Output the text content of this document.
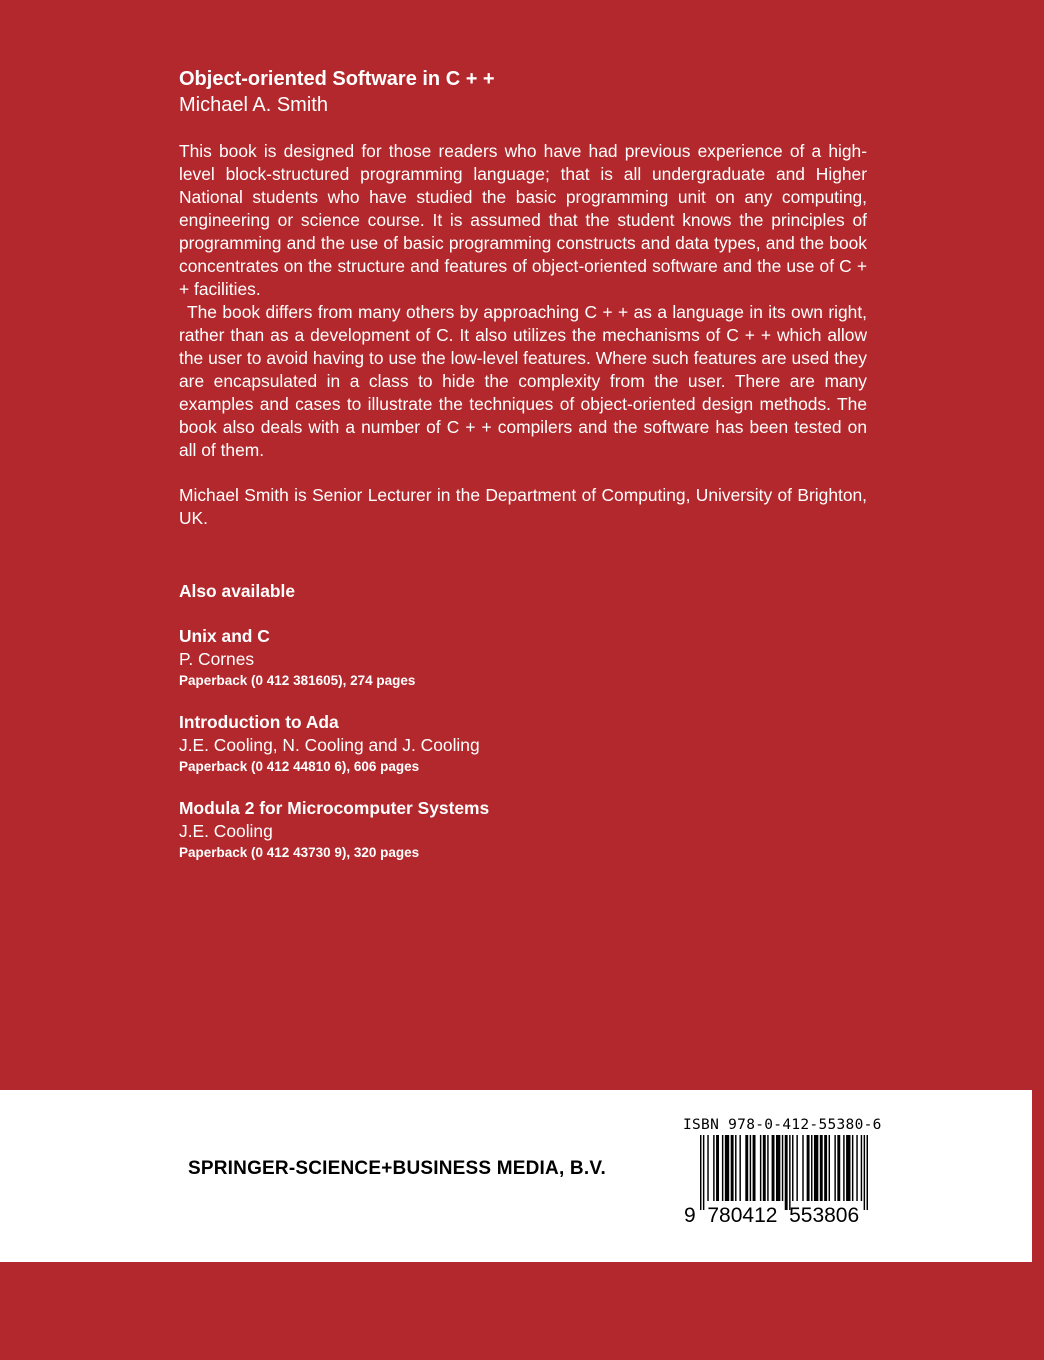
Object-oriented Software in C + +
Michael A. Smith

This book is designed for those readers who have had previous experience of a high-level block-structured programming language; that is all undergraduate and Higher National students who have studied the basic programming unit on any computing, engineering or science course. It is assumed that the student knows the principles of programming and the use of basic programming constructs and data types, and the book concentrates on the structure and features of object-oriented software and the use of C + + facilities.

The book differs from many others by approaching C + + as a language in its own right, rather than as a development of C. It also utilizes the mechanisms of C + + which allow the user to avoid having to use the low-level features. Where such features are used they are encapsulated in a class to hide the complexity from the user. There are many examples and cases to illustrate the techniques of object-oriented design methods. The book also deals with a number of C + + compilers and the software has been tested on all of them.

Michael Smith is Senior Lecturer in the Department of Computing, University of Brighton, UK.

Also available
Unix and C
P. Cornes
Paperback (0 412 381605), 274 pages
Introduction to Ada
J.E. Cooling, N. Cooling and J. Cooling
Paperback (0 412 44810 6), 606 pages
Modula 2 for Microcomputer Systems
J.E. Cooling
Paperback (0 412 43730 9), 320 pages
SPRINGER-SCIENCE+BUSINESS MEDIA, B.V.
ISBN 978-0-412-55380-6
9  780412  553806
